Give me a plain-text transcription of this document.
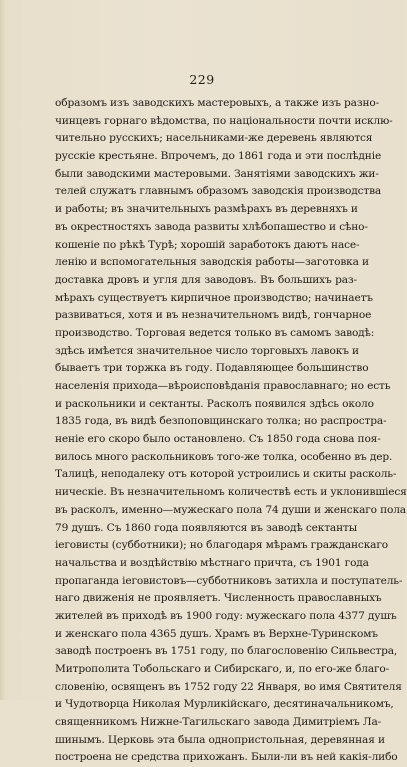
229
образомъ изъ заводскихъ мастеровыхъ, а также изъ разно-
чинцевъ горнаго вѣдомства, по національности почти исклю-
чительно русскихъ; насельниками-же деревень являются
русскіе крестьяне. Впрочемъ, до 1861 года и эти послѣдніе
были заводскими мастеровыми. Занятіями заводскихъ жи-
телей служатъ главнымъ образомъ заводскія производства
и работы; въ значительныхъ размѣрахъ въ деревняхъ и
въ окрестностяхъ завода развиты хлѣбопашество и сѣно-
кошеніе по рѣкѣ Турѣ; хорошій заработокъ даютъ насе-
ленію и вспомогательныя заводскія работы—заготовка и
доставка дровъ и угля для заводовъ. Въ большихъ раз-
мѣрахъ существуетъ кирпичное производство; начинаетъ
развиваться, хотя и въ незначительномъ видѣ, гончарное
производство. Торговая ведется только въ самомъ заводѣ:
здѣсь имѣется значительное число торговыхъ лавокъ и
бываетъ три торжка въ году. Подавляющее большинство
населенія прихода—вѣроисповѣданія православнаго; но есть
и раскольники и сектанты. Расколъ появился здѣсь около
1835 года, въ видѣ безпоповщинскаго толка; но распростра-
неніе его скоро было остановлено. Съ 1850 года снова поя-
вилось много раскольниковъ того-же толка, особенно въ дер.
Талицѣ, неподалеку отъ которой устроились и скиты расколь-
ническіе. Въ незначительномъ количествѣ есть и уклонившіеся
въ расколъ, именно—мужескаго пола 74 души и женскаго пола
79 душъ. Съ 1860 года появляются въ заводѣ сектанты
іеговисты (субботники); но благодаря мѣрамъ гражданскаго
начальства и воздѣйствію мѣстнаго причта, съ 1901 года
пропаганда іеговистовъ—субботниковъ затихла и поступатель-
наго движенія не проявляетъ. Численность православныхъ
жителей въ приходѣ въ 1900 году: мужескаго пола 4377 душъ
и женскаго пола 4365 душъ. Храмъ въ Верхне-Туринскомъ
заводѣ построенъ въ 1751 году, по благословенію Сильвестра,
Митрополита Тобольскаго и Сибирскаго, и, по его-же благо-
словенію, освященъ въ 1752 году 22 Января, во имя Святителя
и Чудотворца Николая Мурликійскаго, десятиначальникомъ,
священникомъ Нижне-Тагильскаго завода Димитріемъ Ла-
шинымъ. Церковь эта была однопристольная, деревянная и
построена не средства прихожанъ. Были-ли въ ней какія-либо
